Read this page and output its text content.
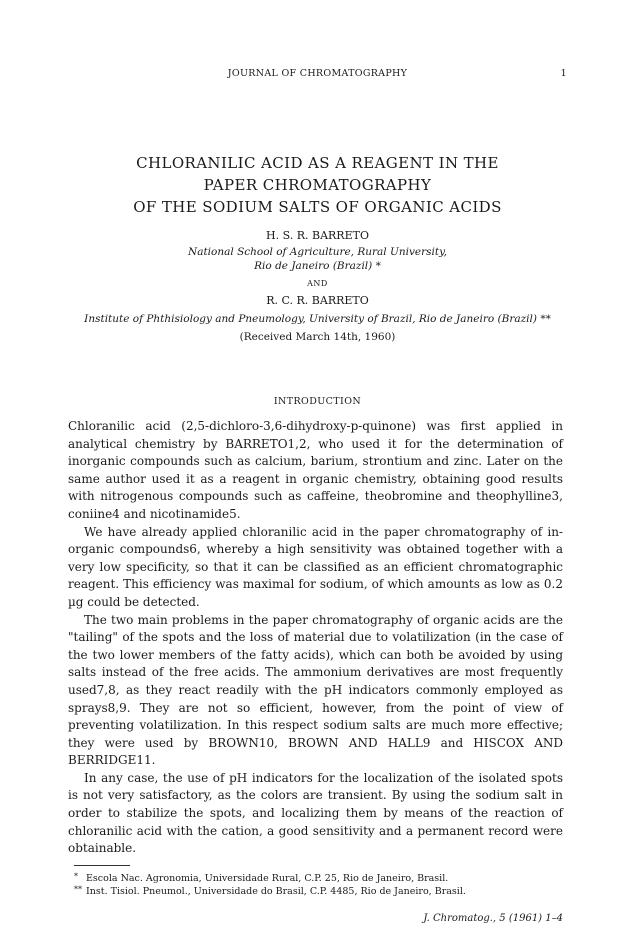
JOURNAL OF CHROMATOGRAPHY	1
CHLORANILIC ACID AS A REAGENT IN THE
PAPER CHROMATOGRAPHY
OF THE SODIUM SALTS OF ORGANIC ACIDS
H. S. R. BARRETO
National School of Agriculture, Rural University,
Rio de Janeiro (Brazil) *
AND
R. C. R. BARRETO
Institute of Phthisiology and Pneumology, University of Brazil, Rio de Janeiro (Brazil) **
(Received March 14th, 1960)
INTRODUCTION

Chloranilic acid (2,5-dichloro-3,6-dihydroxy-p-quinone) was first applied in analytical chemistry by BARRETO1,2, who used it for the determination of inorganic compounds such as calcium, barium, strontium and zinc. Later on the same author used it as a reagent in organic chemistry, obtaining good results with nitrogenous compounds such as caffeine, theobromine and theophylline3, coniine4 and nicotinamide5.

We have already applied chloranilic acid in the paper chromatography of in-organic compounds6, whereby a high sensitivity was obtained together with a very low specificity, so that it can be classified as an efficient chromatographic reagent. This efficiency was maximal for sodium, of which amounts as low as 0.2 µg could be detected.

The two main problems in the paper chromatography of organic acids are the "tailing" of the spots and the loss of material due to volatilization (in the case of the two lower members of the fatty acids), which can both be avoided by using salts instead of the free acids. The ammonium derivatives are most frequently used7,8, as they react readily with the pH indicators commonly employed as sprays8,9. They are not so efficient, however, from the point of view of preventing volatilization. In this respect sodium salts are much more effective; they were used by BROWN10, BROWN AND HALL9 and HISCOX AND BERRIDGE11.

In any case, the use of pH indicators for the localization of the isolated spots is not very satisfactory, as the colors are transient. By using the sodium salt in order to stabilize the spots, and localizing them by means of the reaction of chloranilic acid with the cation, a good sensitivity and a permanent record were obtainable.

* Escola Nac. Agronomia, Universidade Rural, C.P. 25, Rio de Janeiro, Brasil.
** Inst. Tisiol. Pneumol., Universidade do Brasil, C.P. 4485, Rio de Janeiro, Brasil.
J. Chromatog., 5 (1961) 1–4
